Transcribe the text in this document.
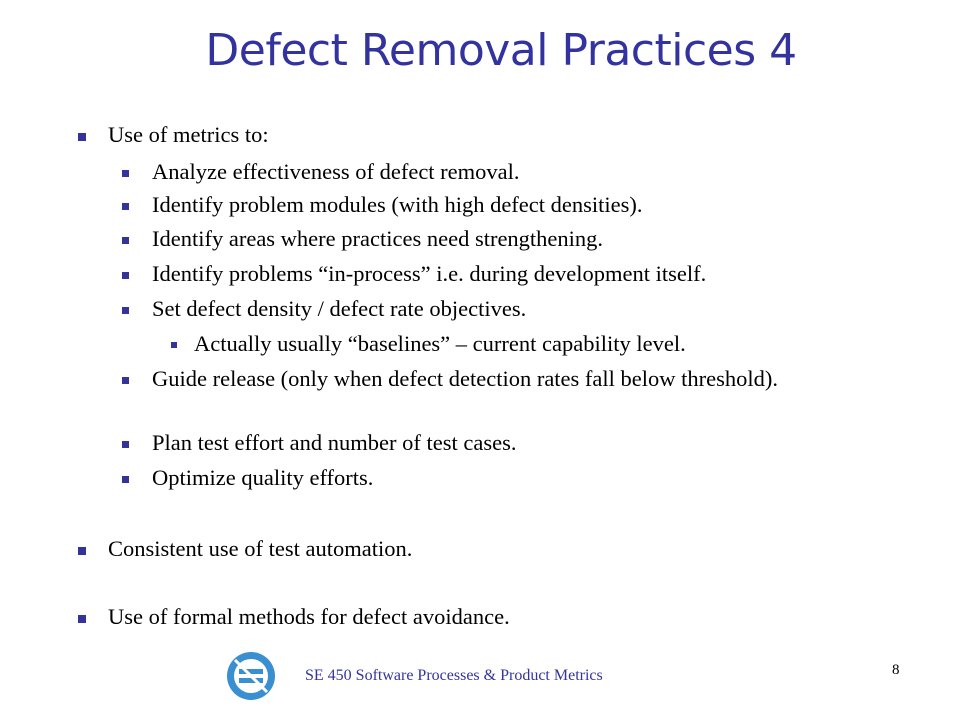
Defect Removal Practices 4
Use of metrics to:
Analyze effectiveness of defect removal.
Identify problem modules (with high defect densities).
Identify areas where practices need strengthening.
Identify problems “in-process” i.e. during development itself.
Set defect density / defect rate objectives.
Actually usually “baselines” – current capability level.
Guide release (only when defect detection rates fall below threshold).
Plan test effort and number of test cases.
Optimize quality efforts.
Consistent use of test automation.
Use of formal methods for defect avoidance.
SE 450 Software Processes & Product Metrics	8
